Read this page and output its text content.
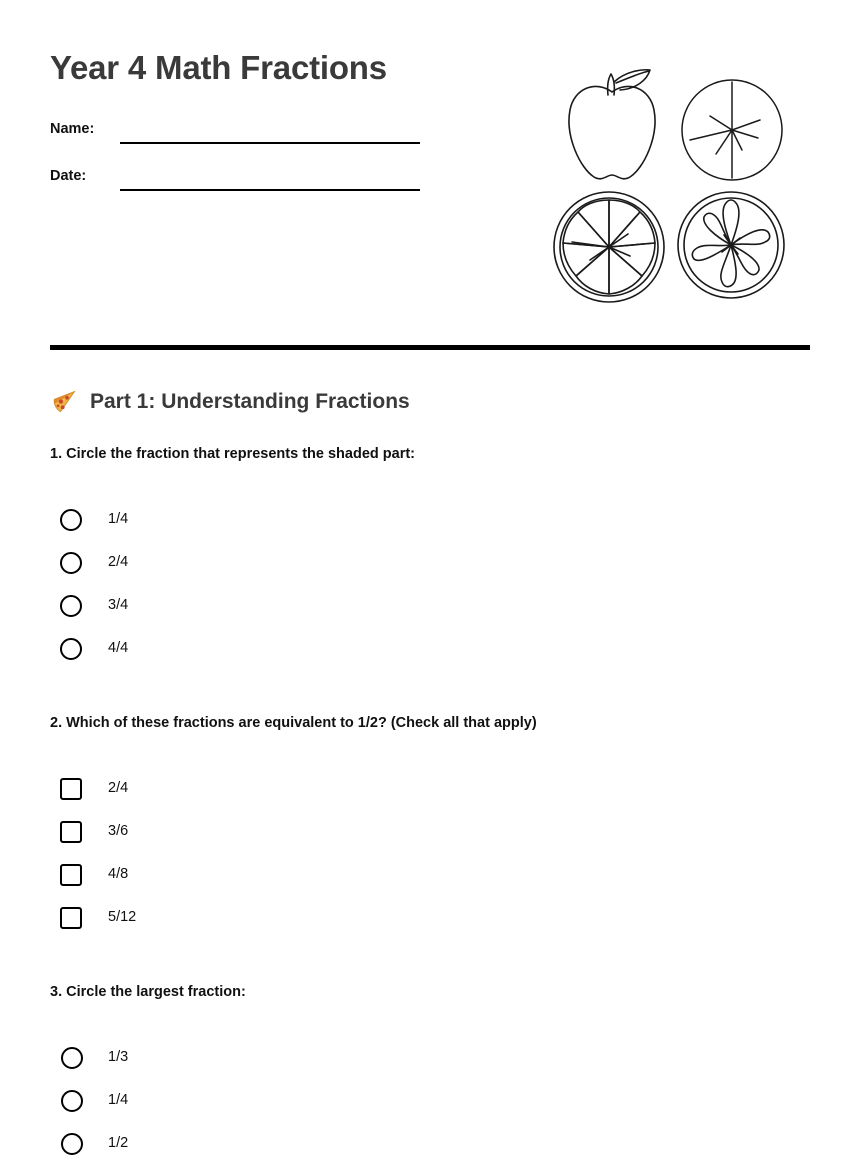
Year 4 Math Fractions
Name:
Date:
Part 1: Understanding Fractions

1. Circle the fraction that represents the shaded part:

1/4
2/4
3/4
4/4

2. Which of these fractions are equivalent to 1/2? (Check all that apply)

2/4
3/6
4/8
5/12

3. Circle the largest fraction:

1/3
1/4
1/2
